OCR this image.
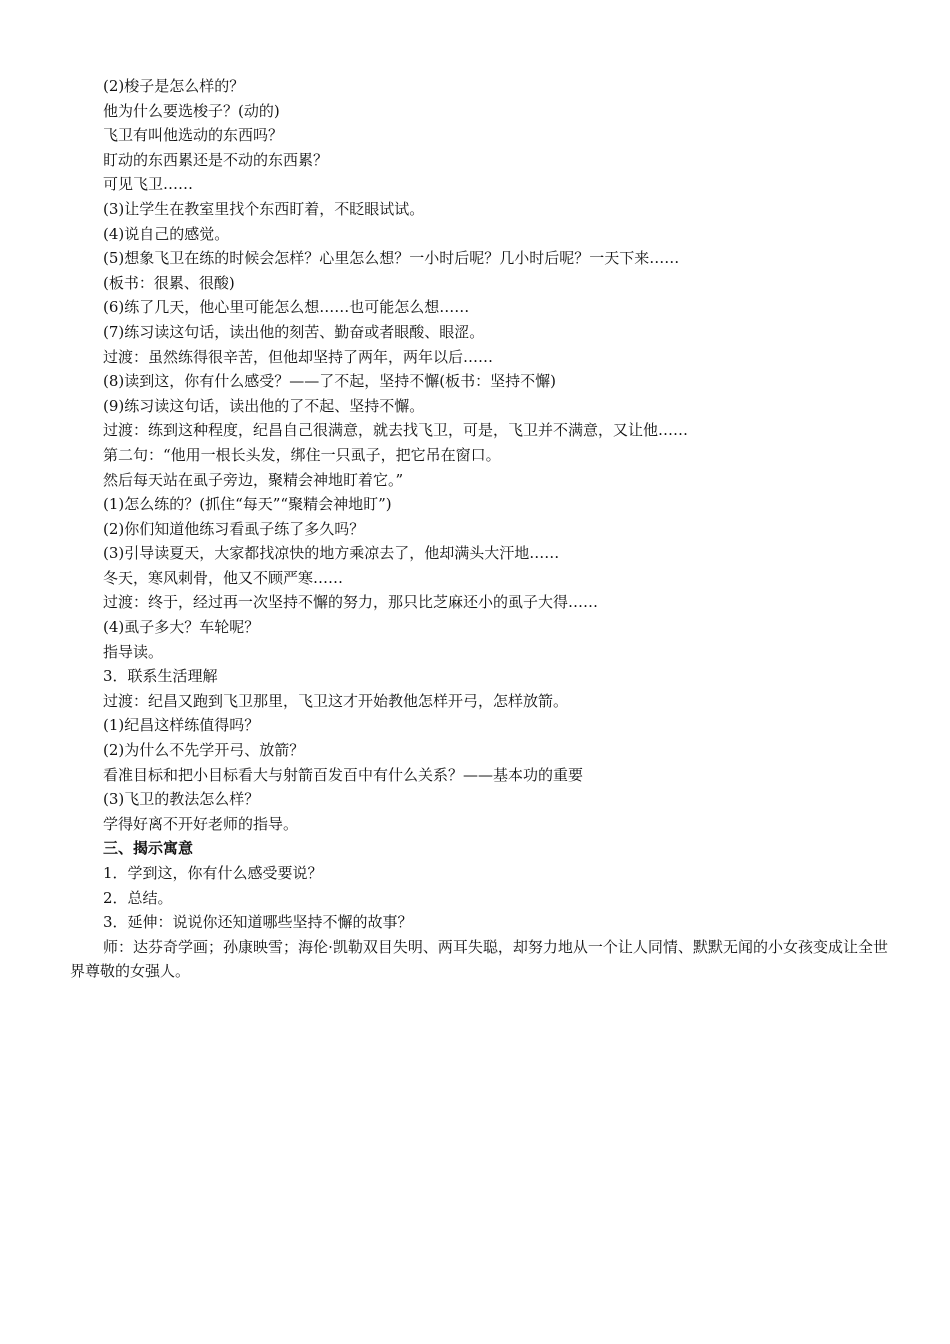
(2)梭子是怎么样的？
他为什么要选梭子？(动的)
飞卫有叫他选动的东西吗？
盯动的东西累还是不动的东西累？
可见飞卫……
(3)让学生在教室里找个东西盯着，不眨眼试试。
(4)说自己的感觉。
(5)想象飞卫在练的时候会怎样？心里怎么想？一小时后呢？几小时后呢？一天下来……
(板书：很累、很酸)
(6)练了几天，他心里可能怎么想……也可能怎么想……
(7)练习读这句话，读出他的刻苦、勤奋或者眼酸、眼涩。
过渡：虽然练得很辛苦，但他却坚持了两年，两年以后……
(8)读到这，你有什么感受？——了不起，坚持不懈(板书：坚持不懈)
(9)练习读这句话，读出他的了不起、坚持不懈。
过渡：练到这种程度，纪昌自己很满意，就去找飞卫，可是，飞卫并不满意，又让他……
第二句：“他用一根长头发，绑住一只虱子，把它吊在窗口。
然后每天站在虱子旁边，聚精会神地盯着它。”
(1)怎么练的？(抓住“每天”“聚精会神地盯”)
(2)你们知道他练习看虱子练了多久吗？
(3)引导读夏天，大家都找凉快的地方乘凉去了，他却满头大汗地……
冬天，寒风刺骨，他又不顾严寒……
过渡：终于，经过再一次坚持不懈的努力，那只比芝麻还小的虱子大得……
(4)虱子多大？车轮呢？
指导读。
3．联系生活理解
过渡：纪昌又跑到飞卫那里，飞卫这才开始教他怎样开弓，怎样放箭。
(1)纪昌这样练值得吗？
(2)为什么不先学开弓、放箭？
看准目标和把小目标看大与射箭百发百中有什么关系？——基本功的重要
(3)飞卫的教法怎么样？
学得好离不开好老师的指导。
三、揭示寓意
1．学到这，你有什么感受要说？
2．总结。
3．延伸：说说你还知道哪些坚持不懈的故事？
师：达芬奇学画；孙康映雪；海伦·凯勒双目失明、两耳失聪，却努力地从一个让人同情、默默无闻的小女孩变成让全世界尊敬的女强人。
